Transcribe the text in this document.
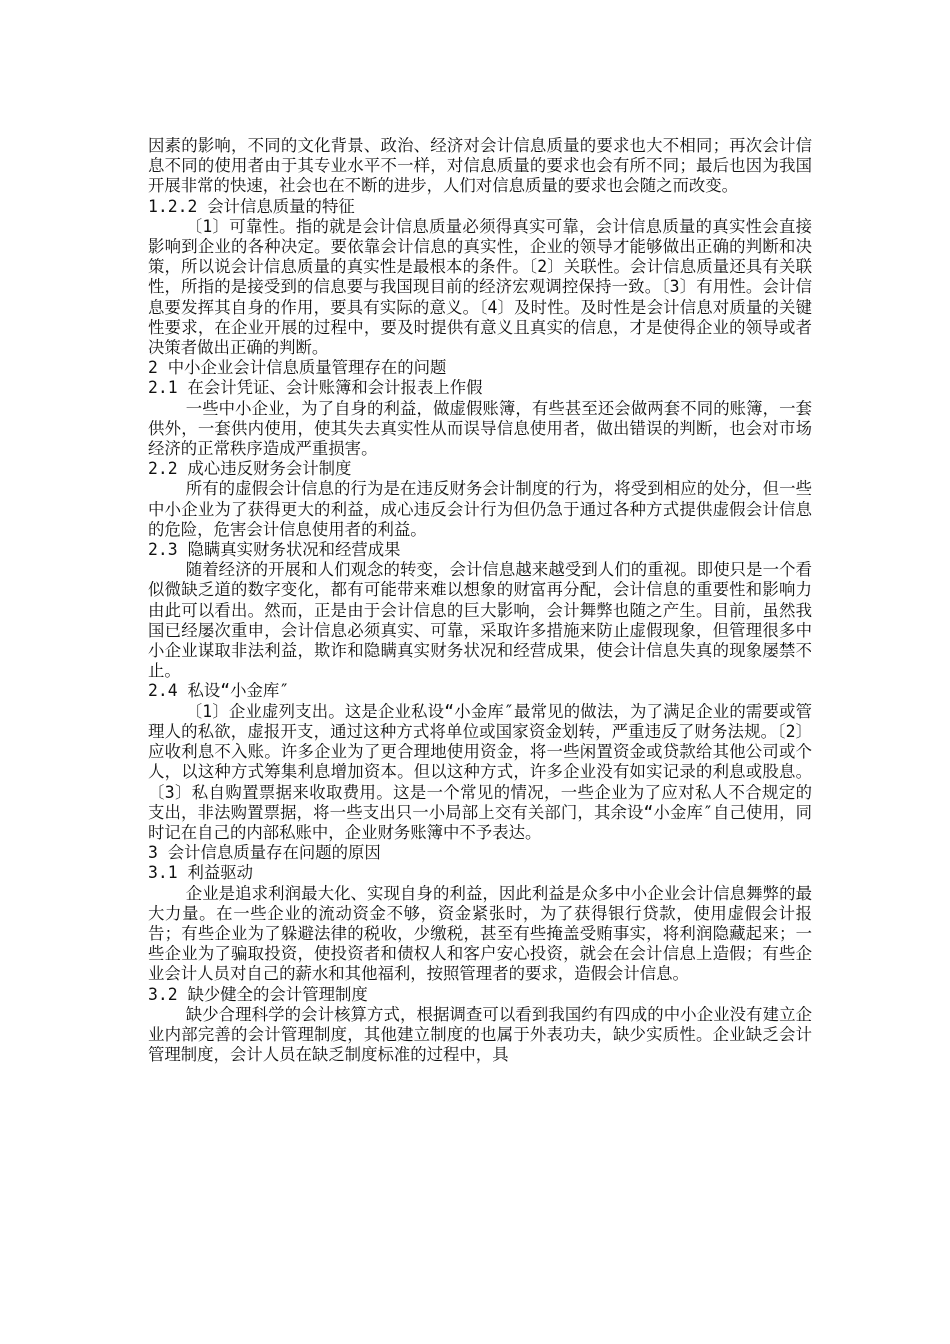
因素的影响，不同的文化背景、政治、经济对会计信息质量的要求也大不相同；再次会计信息不同的使用者由于其专业水平不一样，对信息质量的要求也会有所不同；最后也因为我国开展非常的快速，社会也在不断的进步，人们对信息质量的要求也会随之而改变。

1.2.2 会计信息质量的特征

〔1〕可靠性。指的就是会计信息质量必须得真实可靠，会计信息质量的真实性会直接影响到企业的各种决定。要依靠会计信息的真实性，企业的领导才能够做出正确的判断和决策，所以说会计信息质量的真实性是最根本的条件。〔2〕关联性。会计信息质量还具有关联性，所指的是接受到的信息要与我国现目前的经济宏观调控保持一致。〔3〕有用性。会计信息要发挥其自身的作用，要具有实际的意义。〔4〕及时性。及时性是会计信息对质量的关键性要求，在企业开展的过程中，要及时提供有意义且真实的信息，才是使得企业的领导或者决策者做出正确的判断。

2 中小企业会计信息质量管理存在的问题

2.1 在会计凭证、会计账簿和会计报表上作假

一些中小企业，为了自身的利益，做虚假账簿，有些甚至还会做两套不同的账簿，一套供外，一套供内使用，使其失去真实性从而误导信息使用者，做出错误的判断，也会对市场经济的正常秩序造成严重损害。

2.2 成心违反财务会计制度

所有的虚假会计信息的行为是在违反财务会计制度的行为，将受到相应的处分，但一些中小企业为了获得更大的利益，成心违反会计行为但仍急于通过各种方式提供虚假会计信息的危险，危害会计信息使用者的利益。

2.3 隐瞒真实财务状况和经营成果

随着经济的开展和人们观念的转变，会计信息越来越受到人们的重视。即使只是一个看似微缺乏道的数字变化，都有可能带来难以想象的财富再分配，会计信息的重要性和影响力由此可以看出。然而，正是由于会计信息的巨大影响，会计舞弊也随之产生。目前，虽然我国已经屡次重申，会计信息必须真实、可靠，采取许多措施来防止虚假现象，但管理很多中小企业谋取非法利益，欺诈和隐瞒真实财务状况和经营成果，使会计信息失真的现象屡禁不止。

2.4 私设“小金库″

〔1〕企业虚列支出。这是企业私设“小金库″最常见的做法，为了满足企业的需要或管理人的私欲，虚报开支，通过这种方式将单位或国家资金划转，严重违反了财务法规。〔2〕应收利息不入账。许多企业为了更合理地使用资金，将一些闲置资金或贷款给其他公司或个人，以这种方式筹集利息增加资本。但以这种方式，许多企业没有如实记录的利息或股息。〔3〕私自购置票据来收取费用。这是一个常见的情况，一些企业为了应对私人不合规定的支出，非法购置票据，将一些支出只一小局部上交有关部门，其余设“小金库″自己使用，同时记在自己的内部私账中，企业财务账簿中不予表达。

3 会计信息质量存在问题的原因

3.1 利益驱动

企业是追求利润最大化、实现自身的利益，因此利益是众多中小企业会计信息舞弊的最大力量。在一些企业的流动资金不够，资金紧张时，为了获得银行贷款，使用虚假会计报告；有些企业为了躲避法律的税收，少缴税，甚至有些掩盖受贿事实，将利润隐藏起来；一些企业为了骗取投资，使投资者和债权人和客户安心投资，就会在会计信息上造假；有些企业会计人员对自己的薪水和其他福利，按照管理者的要求，造假会计信息。

3.2 缺少健全的会计管理制度

缺少合理科学的会计核算方式，根据调查可以看到我国约有四成的中小企业没有建立企业内部完善的会计管理制度，其他建立制度的也属于外表功夫，缺少实质性。企业缺乏会计管理制度，会计人员在缺乏制度标准的过程中，具
